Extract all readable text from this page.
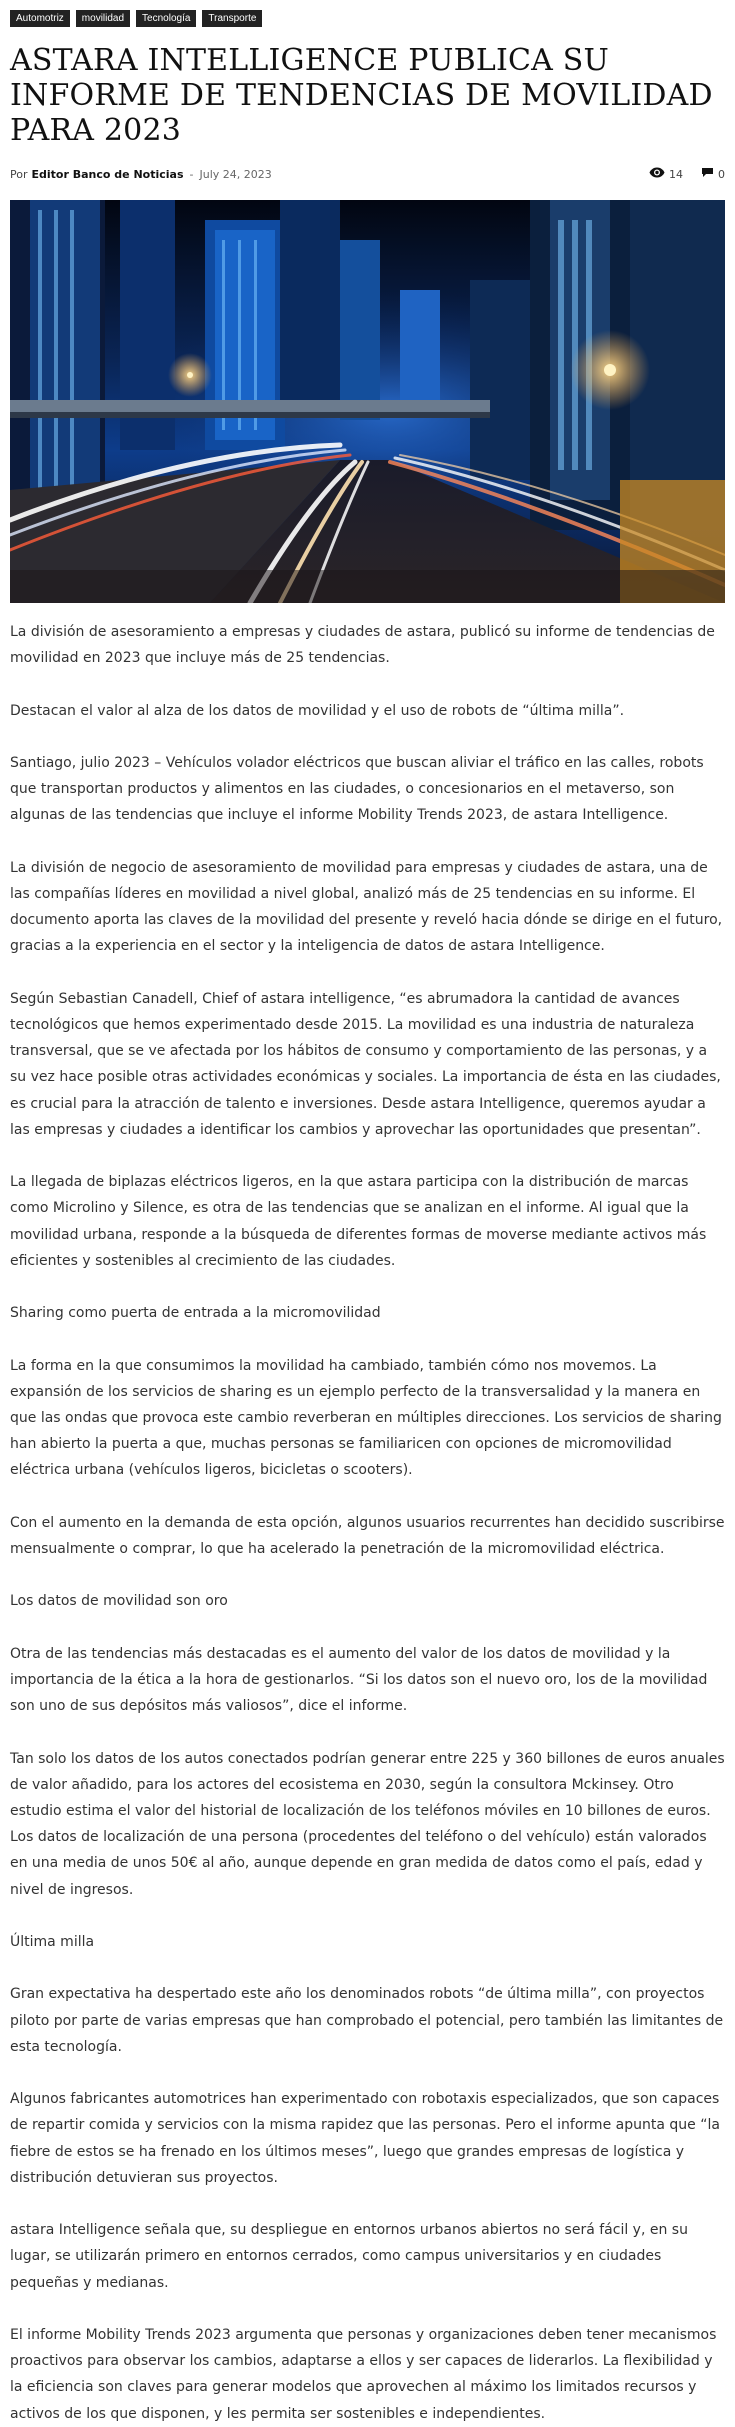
Automotriz	movilidad	Tecnología	Transporte
ASTARA INTELLIGENCE PUBLICA SU INFORME DE TENDENCIAS DE MOVILIDAD PARA 2023
Por Editor Banco de Noticias - July 24, 2023	14	0

La división de asesoramiento a empresas y ciudades de astara, publicó su informe de tendencias de movilidad en 2023 que incluye más de 25 tendencias.

Destacan el valor al alza de los datos de movilidad y el uso de robots de “última milla”.

Santiago, julio 2023 – Vehículos volador eléctricos que buscan aliviar el tráfico en las calles, robots que transportan productos y alimentos en las ciudades, o concesionarios en el metaverso, son algunas de las tendencias que incluye el informe Mobility Trends 2023, de astara Intelligence.

La división de negocio de asesoramiento de movilidad para empresas y ciudades de astara, una de las compañías líderes en movilidad a nivel global, analizó más de 25 tendencias en su informe. El documento aporta las claves de la movilidad del presente y reveló hacia dónde se dirige en el futuro, gracias a la experiencia en el sector y la inteligencia de datos de astara Intelligence.

Según Sebastian Canadell, Chief of astara intelligence, “es abrumadora la cantidad de avances tecnológicos que hemos experimentado desde 2015. La movilidad es una industria de naturaleza transversal, que se ve afectada por los hábitos de consumo y comportamiento de las personas, y a su vez hace posible otras actividades económicas y sociales. La importancia de ésta en las ciudades, es crucial para la atracción de talento e inversiones. Desde astara Intelligence, queremos ayudar a las empresas y ciudades a identificar los cambios y aprovechar las oportunidades que presentan”.

La llegada de biplazas eléctricos ligeros, en la que astara participa con la distribución de marcas como Microlino y Silence, es otra de las tendencias que se analizan en el informe. Al igual que la movilidad urbana, responde a la búsqueda de diferentes formas de moverse mediante activos más eficientes y sostenibles al crecimiento de las ciudades.

Sharing como puerta de entrada a la micromovilidad

La forma en la que consumimos la movilidad ha cambiado, también cómo nos movemos. La expansión de los servicios de sharing es un ejemplo perfecto de la transversalidad y la manera en que las ondas que provoca este cambio reverberan en múltiples direcciones. Los servicios de sharing han abierto la puerta a que, muchas personas se familiaricen con opciones de micromovilidad eléctrica urbana (vehículos ligeros, bicicletas o scooters).

Con el aumento en la demanda de esta opción, algunos usuarios recurrentes han decidido suscribirse mensualmente o comprar, lo que ha acelerado la penetración de la micromovilidad eléctrica.

Los datos de movilidad son oro

Otra de las tendencias más destacadas es el aumento del valor de los datos de movilidad y la importancia de la ética a la hora de gestionarlos. “Si los datos son el nuevo oro, los de la movilidad son uno de sus depósitos más valiosos”, dice el informe.

Tan solo los datos de los autos conectados podrían generar entre 225 y 360 billones de euros anuales de valor añadido, para los actores del ecosistema en 2030, según la consultora Mckinsey. Otro estudio estima el valor del historial de localización de los teléfonos móviles en 10 billones de euros. Los datos de localización de una persona (procedentes del teléfono o del vehículo) están valorados en una media de unos 50€ al año, aunque depende en gran medida de datos como el país, edad y nivel de ingresos.

Última milla

Gran expectativa ha despertado este año los denominados robots “de última milla”, con proyectos piloto por parte de varias empresas que han comprobado el potencial, pero también las limitantes de esta tecnología.

Algunos fabricantes automotrices han experimentado con robotaxis especializados, que son capaces de repartir comida y servicios con la misma rapidez que las personas. Pero el informe apunta que “la fiebre de estos se ha frenado en los últimos meses”, luego que grandes empresas de logística y distribución detuvieran sus proyectos.

astara Intelligence señala que, su despliegue en entornos urbanos abiertos no será fácil y, en su lugar, se utilizarán primero en entornos cerrados, como campus universitarios y en ciudades pequeñas y medianas.

El informe Mobility Trends 2023 argumenta que personas y organizaciones deben tener mecanismos proactivos para observar los cambios, adaptarse a ellos y ser capaces de liderarlos. La flexibilidad y la eficiencia son claves para generar modelos que aprovechen al máximo los limitados recursos y activos de los que disponen, y les permita ser sostenibles e independientes.
